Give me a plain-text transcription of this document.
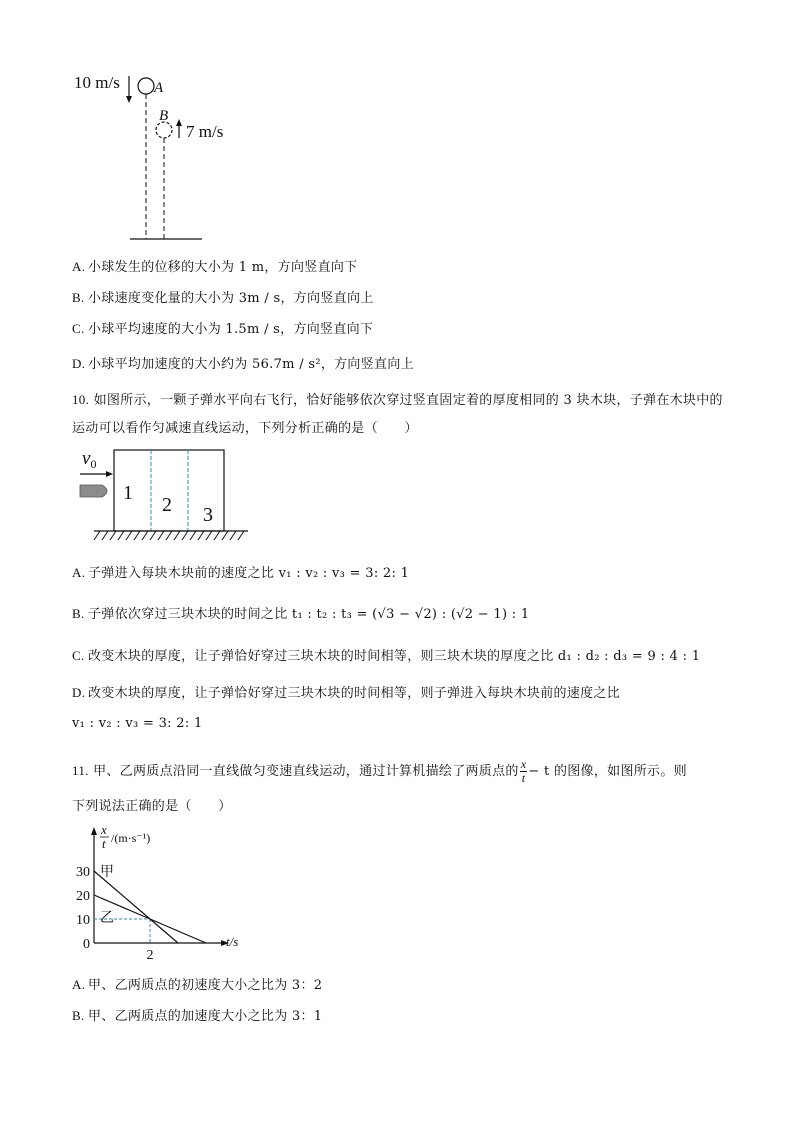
10 m/s A
B
7 m/s
A. 小球发生的位移的大小为 1 m，方向竖直向下
B. 小球速度变化量的大小为 3m / s，方向竖直向上
C. 小球平均速度的大小为 1.5m / s，方向竖直向下
D. 小球平均加速度的大小约为 56.7m / s²，方向竖直向上
10. 如图所示，一颗子弹水平向右飞行，恰好能够依次穿过竖直固定着的厚度相同的 3 块木块，子弹在木块中的运动可以看作匀减速直线运动，下列分析正确的是（　　）
$v_0$
1
2 3
A. 子弹进入每块木块前的速度之比 v₁ : v₂ : v₃ = 3: 2: 1
B. 子弹依次穿过三块木块的时间之比 t₁ : t₂ : t₃ = (√3 − √2) : (√2 − 1) : 1
C. 改变木块的厚度，让子弹恰好穿过三块木块的时间相等，则三块木块的厚度之比 d₁ : d₂ : d₃ = 9 : 4 : 1
D. 改变木块的厚度，让子弹恰好穿过三块木块的时间相等，则子弹进入每块木块前的速度之比
v₁ : v₂ : v₃ = 3: 2: 1
11. 甲、乙两质点沿同一直线做匀变速直线运动，通过计算机描绘了两质点的 $\frac{x}{t} - t$ 的图像，如图所示。则
下列说法正确的是（　　）
x
t /(m·s⁻¹)
t/s
30
20
10
0
2
甲
乙
A. 甲、乙两质点的初速度大小之比为 3：2
B. 甲、乙两质点的加速度大小之比为 3：1
